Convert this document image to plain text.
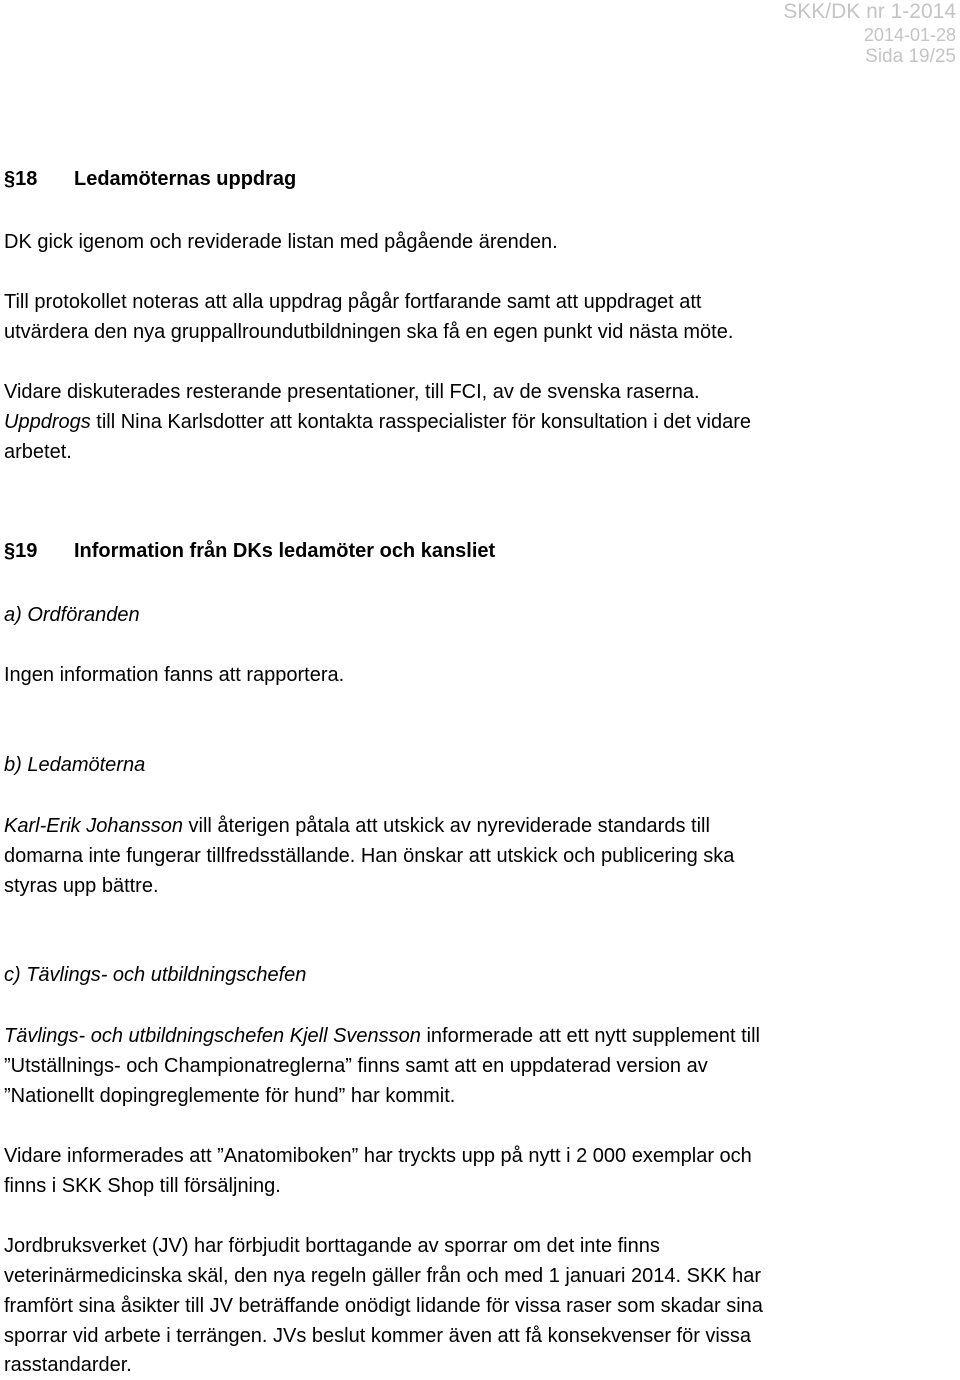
SKK/DK nr 1-2014
2014-01-28
Sida 19/25
§18 Ledamöternas uppdrag
DK gick igenom och reviderade listan med pågående ärenden.
Till protokollet noteras att alla uppdrag pågår fortfarande samt att uppdraget att
utvärdera den nya gruppallroundutbildningen ska få en egen punkt vid nästa möte.
Vidare diskuterades resterande presentationer, till FCI, av de svenska raserna.
Uppdrogs till Nina Karlsdotter att kontakta rasspecialister för konsultation i det vidare
arbetet.
§19 Information från DKs ledamöter och kansliet
a) Ordföranden
Ingen information fanns att rapportera.
b) Ledamöterna
Karl-Erik Johansson vill återigen påtala att utskick av nyreviderade standards till
domarna inte fungerar tillfredsställande. Han önskar att utskick och publicering ska
styras upp bättre.
c) Tävlings- och utbildningschefen
Tävlings- och utbildningschefen Kjell Svensson informerade att ett nytt supplement till
”Utställnings- och Championatreglerna” finns samt att en uppdaterad version av
”Nationellt dopingreglemente för hund” har kommit.
Vidare informerades att ”Anatomiboken” har tryckts upp på nytt i 2 000 exemplar och
finns i SKK Shop till försäljning.
Jordbruksverket (JV) har förbjudit borttagande av sporrar om det inte finns
veterinärmedicinska skäl, den nya regeln gäller från och med 1 januari 2014. SKK har
framfört sina åsikter till JV beträffande onödigt lidande för vissa raser som skadar sina
sporrar vid arbete i terrängen. JVs beslut kommer även att få konsekvenser för vissa
rasstandarder.
